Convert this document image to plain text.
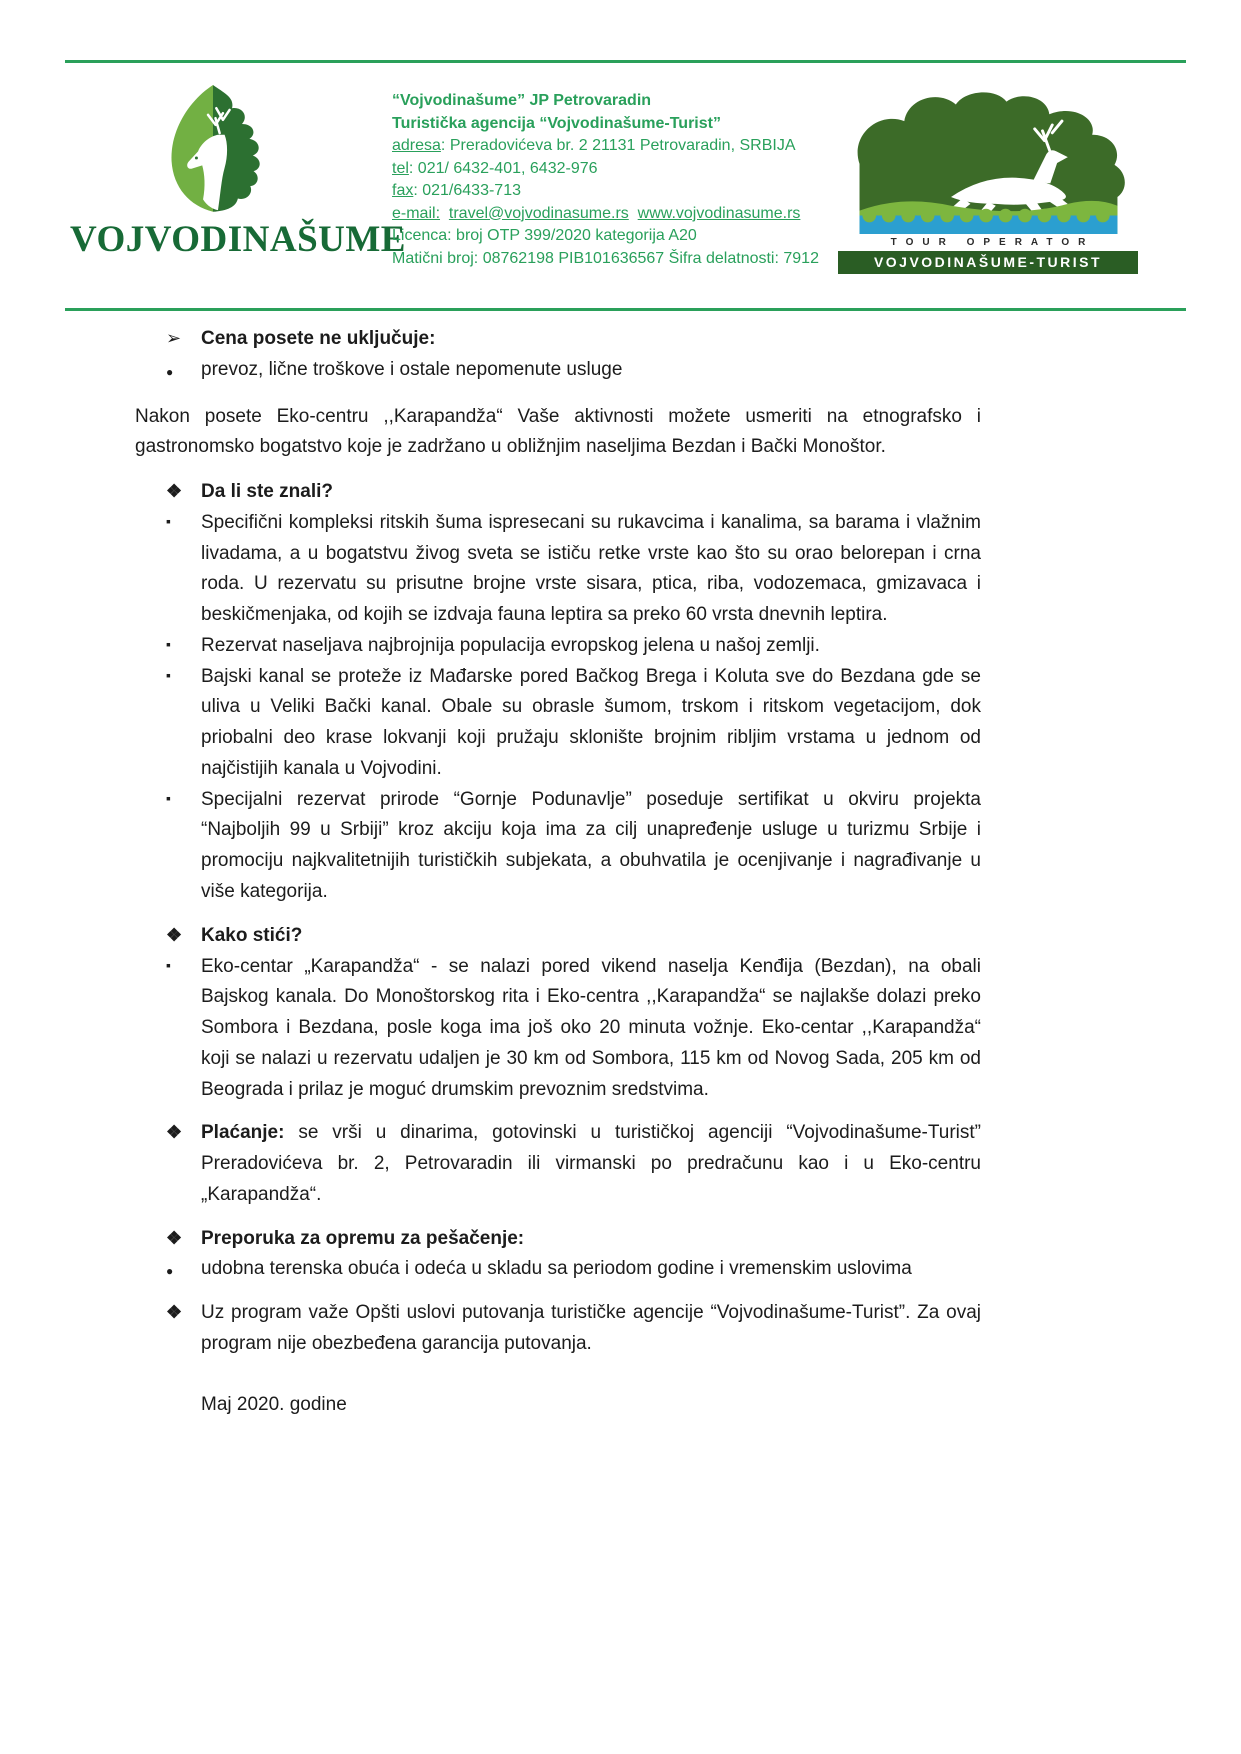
VOJVODINAŠUME
“Vojvodinašume” JP Petrovaradin
Turistička agencija “Vojvodinašume-Turist”
adresa: Preradovićeva br. 2 21131 Petrovaradin, SRBIJA
tel: 021/ 6432-401, 6432-976
fax: 021/6433-713
e-mail: travel@vojvodinasume.rs www.vojvodinasume.rs
Licenca: broj OTP 399/2020 kategorija A20
Matični broj: 08762198 PIB101636567 Šifra delatnosti: 7912
TOUR OPERATOR
VOJVODINAŠUME-TURIST
➢	Cena posete ne uključuje:
●	prevoz, lične troškove i ostale nepomenute usluge
Nakon posete Eko-centru ,,Karapandža“ Vaše aktivnosti možete usmeriti na etnografsko i gastronomsko bogatstvo koje je zadržano u obližnjim naseljima Bezdan i Bački Monoštor.
❖ Da li ste znali?
▪	Specifični kompleksi ritskih šuma ispresecani su rukavcima i kanalima, sa barama i vlažnim livadama, a u bogatstvu živog sveta se ističu retke vrste kao što su orao belorepan i crna roda. U rezervatu su prisutne brojne vrste sisara, ptica, riba, vodozemaca, gmizavaca i beskičmenjaka, od kojih se izdvaja fauna leptira sa preko 60 vrsta dnevnih leptira.
▪	Rezervat naseljava najbrojnija populacija evropskog jelena u našoj zemlji.
▪	Bajski kanal se proteže iz Mađarske pored Bačkog Brega i Koluta sve do Bezdana gde se uliva u Veliki Bački kanal. Obale su obrasle šumom, trskom i ritskom vegetacijom, dok priobalni deo krase lokvanji koji pružaju sklonište brojnim ribljim vrstama u jednom od najčistijih kanala u Vojvodini.
▪	Specijalni rezervat prirode “Gornje Podunavlje” poseduje sertifikat u okviru projekta “Najboljih 99 u Srbiji” kroz akciju koja ima za cilj unapređenje usluge u turizmu Srbije i promociju najkvalitetnijih turističkih subjekata, a obuhvatila je ocenjivanje i nagrađivanje u više kategorija.
❖ Kako stići?
▪	Eko-centar „Karapandža“ - se nalazi pored vikend naselja Kenđija (Bezdan), na obali Bajskog kanala. Do Monoštorskog rita i Eko-centra ,,Karapandža“ se najlakše dolazi preko Sombora i Bezdana, posle koga ima još oko 20 minuta vožnje. Eko-centar ,,Karapandža“ koji se nalazi u rezervatu udaljen je 30 km od Sombora, 115 km od Novog Sada, 205 km od Beograda i prilaz je moguć drumskim prevoznim sredstvima.
❖ Plaćanje: se vrši u dinarima, gotovinski u turističkoj agenciji “Vojvodinašume-Turist” Preradovićeva br. 2, Petrovaradin ili virmanski po predračunu kao i u Eko-centru „Karapandža“.
❖ Preporuka za opremu za pešačenje:
●	udobna terenska obuća i odeća u skladu sa periodom godine i vremenskim uslovima
❖ Uz program važe Opšti uslovi putovanja turističke agencije “Vojvodinašume-Turist”. Za ovaj program nije obezbeđena garancija putovanja.
Maj 2020. godine
